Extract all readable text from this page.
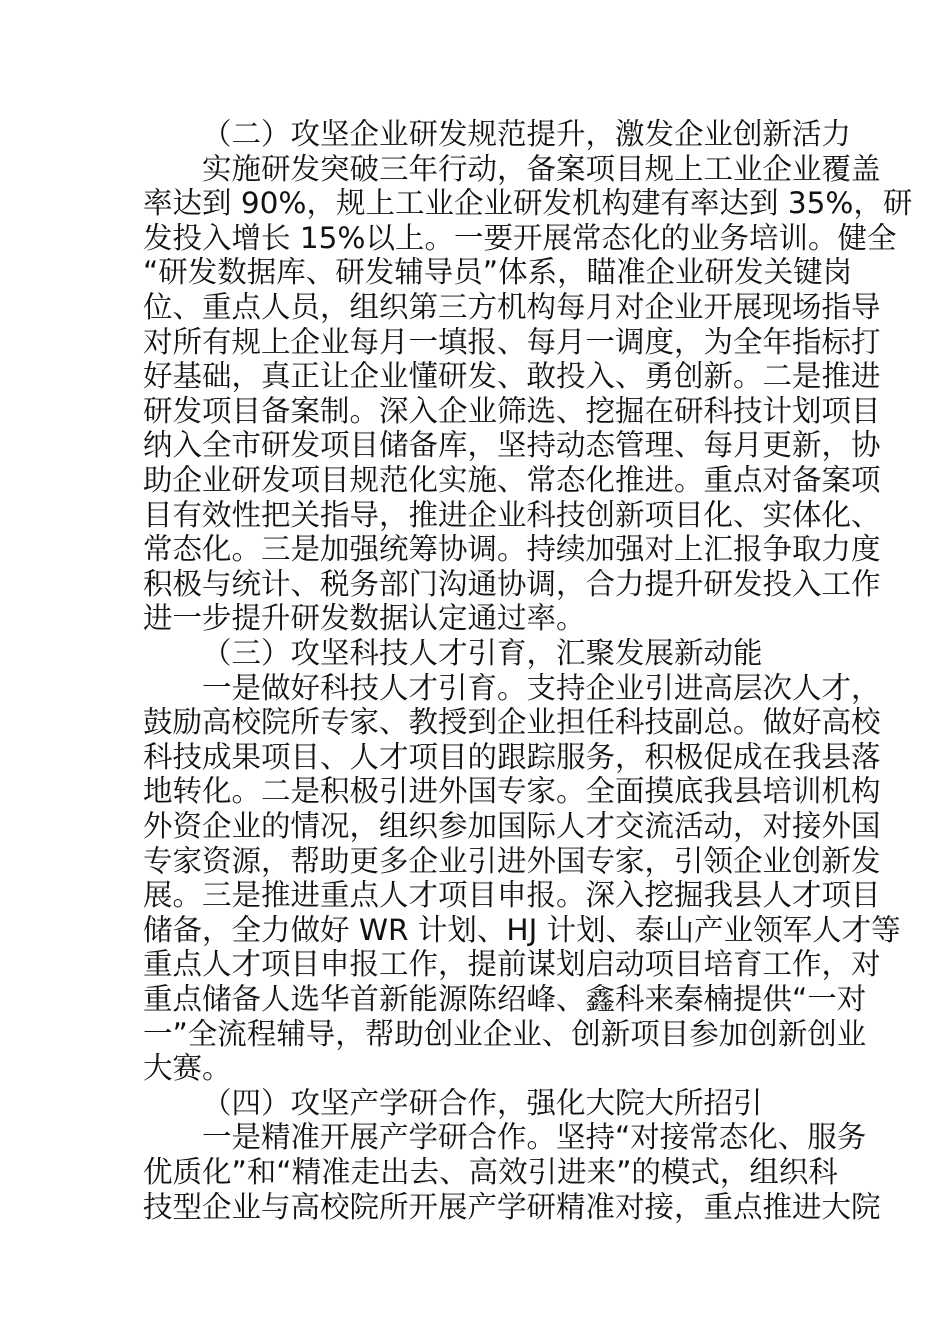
（二）攻坚企业研发规范提升，激发企业创新活力
实施研发突破三年行动，备案项目规上工业企业覆盖
率达到 90%，规上工业企业研发机构建有率达到 35%，研
发投入增长 15%以上。一要开展常态化的业务培训。健全
“研发数据库、研发辅导员”体系，瞄准企业研发关键岗
位、重点人员，组织第三方机构每月对企业开展现场指导
对所有规上企业每月一填报、每月一调度，为全年指标打
好基础，真正让企业懂研发、敢投入、勇创新。二是推进
研发项目备案制。深入企业筛选、挖掘在研科技计划项目
纳入全市研发项目储备库，坚持动态管理、每月更新，协
助企业研发项目规范化实施、常态化推进。重点对备案项
目有效性把关指导，推进企业科技创新项目化、实体化、
常态化。三是加强统筹协调。持续加强对上汇报争取力度
积极与统计、税务部门沟通协调，合力提升研发投入工作
进一步提升研发数据认定通过率。
（三）攻坚科技人才引育，汇聚发展新动能
一是做好科技人才引育。支持企业引进高层次人才，
鼓励高校院所专家、教授到企业担任科技副总。做好高校
科技成果项目、人才项目的跟踪服务，积极促成在我县落
地转化。二是积极引进外国专家。全面摸底我县培训机构
外资企业的情况，组织参加国际人才交流活动，对接外国
专家资源，帮助更多企业引进外国专家，引领企业创新发
展。三是推进重点人才项目申报。深入挖掘我县人才项目
储备，全力做好 WR 计划、HJ 计划、泰山产业领军人才等
重点人才项目申报工作，提前谋划启动项目培育工作，对
重点储备人选华首新能源陈绍峰、鑫科来秦楠提供“一对
一”全流程辅导，帮助创业企业、创新项目参加创新创业
大赛。
（四）攻坚产学研合作，强化大院大所招引
一是精准开展产学研合作。坚持“对接常态化、服务
优质化”和“精准走出去、高效引进来”的模式，组织科
技型企业与高校院所开展产学研精准对接，重点推进大院
